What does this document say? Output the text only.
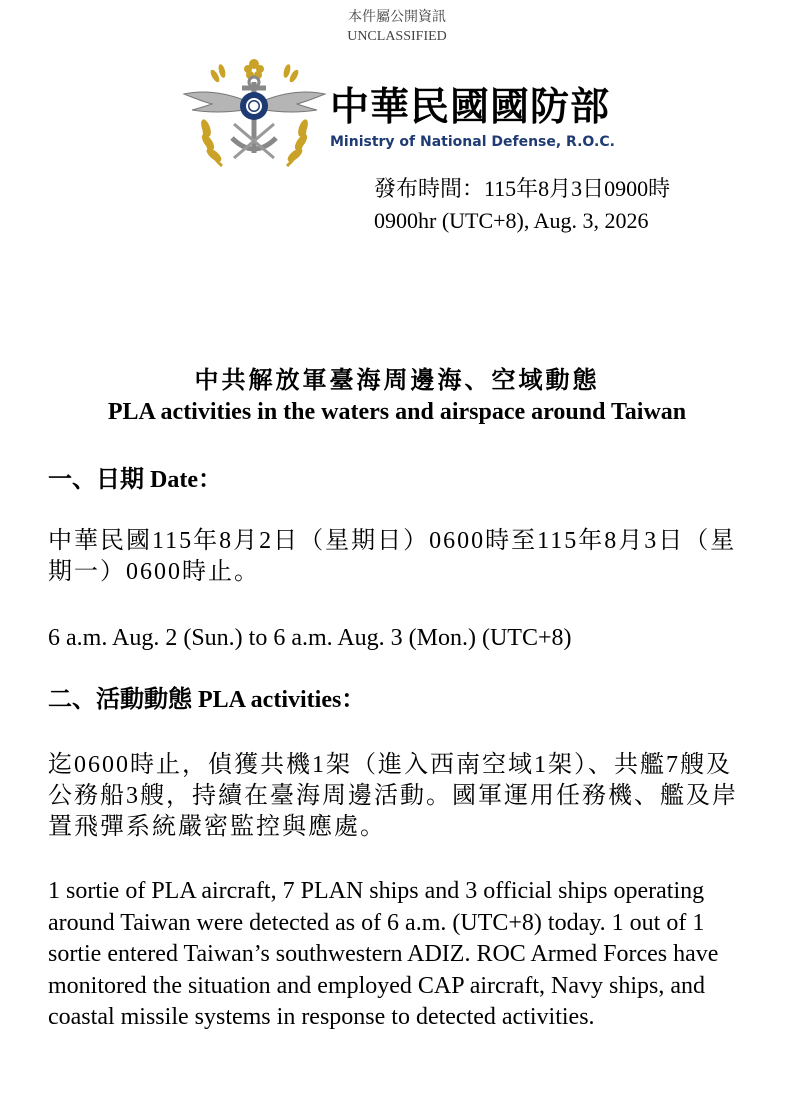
本件屬公開資訊
UNCLASSIFIED
中華民國國防部
Ministry of National Defense, R.O.C.
發布時間：115年8月3日0900時
0900hr (UTC+8), Aug. 3, 2026
中共解放軍臺海周邊海、空域動態
PLA activities in the waters and airspace around Taiwan
一、日期 Date：
中華民國115年8月2日（星期日）0600時至115年8月3日（星期一）0600時止。
6 a.m. Aug. 2 (Sun.) to 6 a.m. Aug. 3 (Mon.) (UTC+8)
二、活動動態 PLA activities：
迄0600時止，偵獲共機1架（進入西南空域1架）、共艦7艘及公務船3艘，持續在臺海周邊活動。國軍運用任務機、艦及岸置飛彈系統嚴密監控與應處。
1 sortie of PLA aircraft, 7 PLAN ships and 3 official ships operating around Taiwan were detected as of 6 a.m. (UTC+8) today. 1 out of 1 sortie entered Taiwan’s southwestern ADIZ. ROC Armed Forces have monitored the situation and employed CAP aircraft, Navy ships, and coastal missile systems in response to detected activities.
